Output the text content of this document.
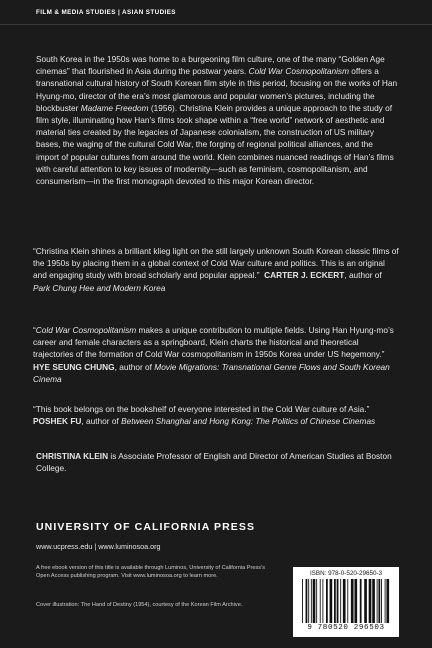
FILM & MEDIA STUDIES | ASIAN STUDIES
South Korea in the 1950s was home to a burgeoning film culture, one of the many “Golden Age cinemas” that flourished in Asia during the postwar years. Cold War Cosmopolitanism offers a transnational cultural history of South Korean film style in this period, focusing on the works of Han Hyung-mo, director of the era’s most glamorous and popular women’s pictures, including the blockbuster Madame Freedom (1956). Christina Klein provides a unique approach to the study of film style, illuminating how Han’s films took shape within a “free world” network of aesthetic and material ties created by the legacies of Japanese colonialism, the construction of US military bases, the waging of the cultural Cold War, the forging of regional political alliances, and the import of popular cultures from around the world. Klein combines nuanced readings of Han’s films with careful attention to key issues of modernity—such as feminism, cosmopolitanism, and consumerism—in the first monograph devoted to this major Korean director.
“Christina Klein shines a brilliant klieg light on the still largely unknown South Korean classic films of the 1950s by placing them in a global context of Cold War culture and politics. This is an original and engaging study with broad scholarly and popular appeal.” CARTER J. ECKERT, author of Park Chung Hee and Modern Korea
“Cold War Cosmopolitanism makes a unique contribution to multiple fields. Using Han Hyung-mo’s career and female characters as a springboard, Klein charts the historical and theoretical trajectories of the formation of Cold War cosmopolitanism in 1950s Korea under US hegemony.” HYE SEUNG CHUNG, author of Movie Migrations: Transnational Genre Flows and South Korean Cinema
“This book belongs on the bookshelf of everyone interested in the Cold War culture of Asia.”  POSHEK FU, author of Between Shanghai and Hong Kong: The Politics of Chinese Cinemas
CHRISTINA KLEIN is Associate Professor of English and Director of American Studies at Boston College.
UNIVERSITY OF CALIFORNIA PRESS
www.ucpress.edu | www.luminosoa.org
A free ebook version of this title is available through Luminos, University of California Press’s Open Access publishing program. Visit www.luminosoa.org to learn more.
Cover illustration: The Hand of Destiny (1954), courtesy of the Korean Film Archive.
ISBN: 978-0-520-29650-3
9 780520 296503
